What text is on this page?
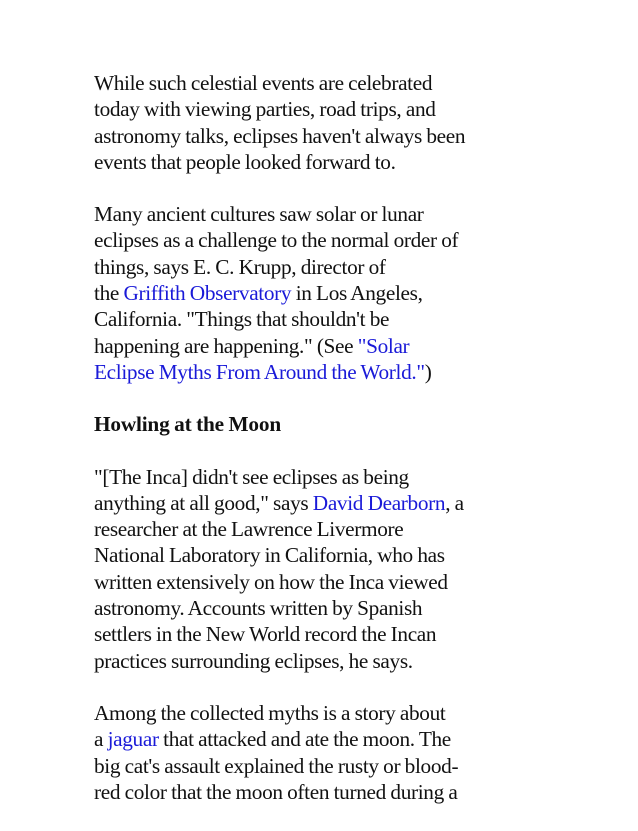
While such celestial events are celebrated
today with viewing parties, road trips, and
astronomy talks, eclipses haven't always been
events that people looked forward to.

Many ancient cultures saw solar or lunar
eclipses as a challenge to the normal order of
things, says E. C. Krupp, director of
the Griffith Observatory in Los Angeles,
California. "Things that shouldn't be
happening are happening." (See "Solar
Eclipse Myths From Around the World.")

Howling at the Moon

"[The Inca] didn't see eclipses as being
anything at all good," says David Dearborn, a
researcher at the Lawrence Livermore
National Laboratory in California, who has
written extensively on how the Inca viewed
astronomy. Accounts written by Spanish
settlers in the New World record the Incan
practices surrounding eclipses, he says.

Among the collected myths is a story about
a jaguar that attacked and ate the moon. The
big cat's assault explained the rusty or blood-
red color that the moon often turned during a
